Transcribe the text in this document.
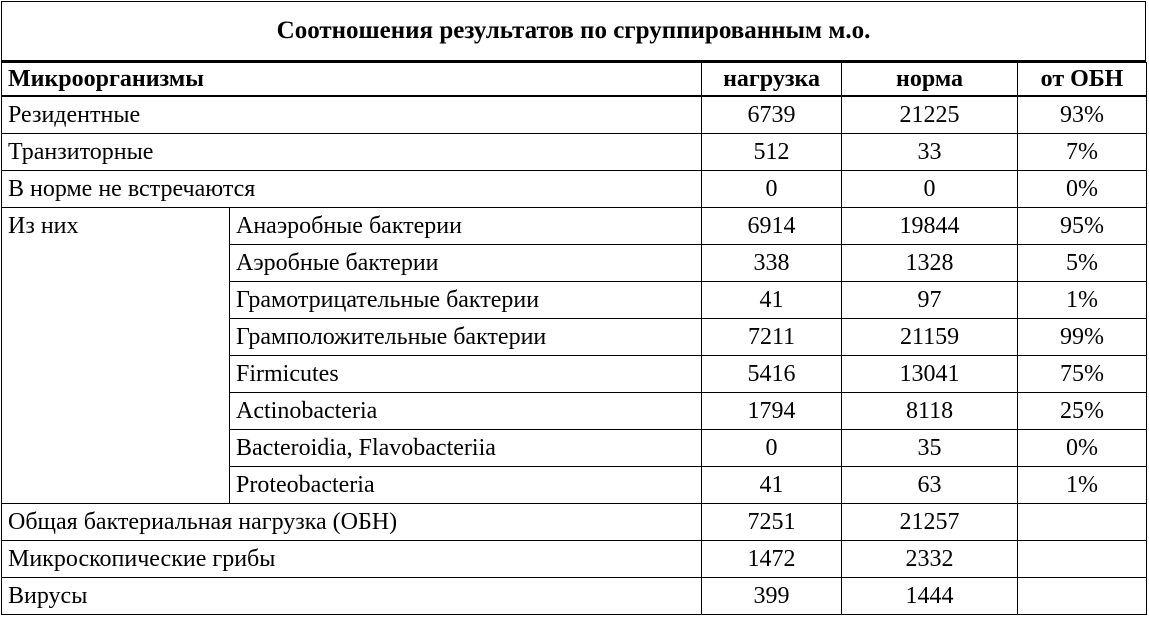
Соотношения результатов по сгруппированным м.о.
Микроорганизмы		нагрузка	норма	от ОБН
Резидентные		6739	21225	93%
Транзиторные		512	33	7%
В норме не встречаются		0	0	0%
Из них	Анаэробные бактерии	6914	19844	95%
	Аэробные бактерии	338	1328	5%
	Грамотрицательные бактерии	41	97	1%
	Грамположительные бактерии	7211	21159	99%
	Firmicutes	5416	13041	75%
	Actinobacteria	1794	8118	25%
	Bacteroidia, Flavobacteriia	0	35	0%
	Proteobacteria	41	63	1%
Общая бактериальная нагрузка (ОБН)		7251	21257	
Микроскопические грибы		1472	2332	
Вирусы		399	1444	
